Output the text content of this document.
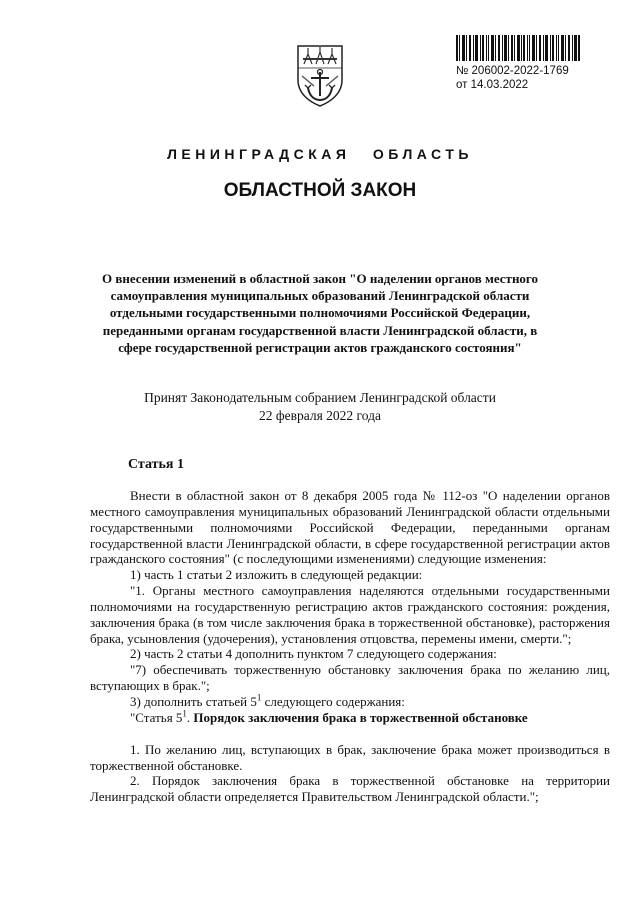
№ 206002-2022-1769
от 14.03.2022
ЛЕНИНГРАДСКАЯ ОБЛАСТЬ
ОБЛАСТНОЙ ЗАКОН
О внесении изменений в областной закон "О наделении органов местного самоуправления муниципальных образований Ленинградской области отдельными государственными полномочиями Российской Федерации, переданными органам государственной власти Ленинградской области, в сфере государственной регистрации актов гражданского состояния"
Принят Законодательным собранием Ленинградской области
22 февраля 2022 года
Статья 1

Внести в областной закон от 8 декабря 2005 года № 112-оз "О наделении органов местного самоуправления муниципальных образований Ленинградской области отдельными государственными полномочиями Российской Федерации, переданными органам государственной власти Ленинградской области, в сфере государственной регистрации актов гражданского состояния" (с последующими изменениями) следующие изменения:

1) часть 1 статьи 2 изложить в следующей редакции:

"1. Органы местного самоуправления наделяются отдельными государственными полномочиями на государственную регистрацию актов гражданского состояния: рождения, заключения брака (в том числе заключения брака в торжественной обстановке), расторжения брака, усыновления (удочерения), установления отцовства, перемены имени, смерти.";

2) часть 2 статьи 4 дополнить пунктом 7 следующего содержания:

"7) обеспечивать торжественную обстановку заключения брака по желанию лиц, вступающих в брак.";

3) дополнить статьей $5^1$ следующего содержания:

"Статья $5^1$. Порядок заключения брака в торжественной обстановке

1. По желанию лиц, вступающих в брак, заключение брака может производиться в торжественной обстановке.

2. Порядок заключения брака в торжественной обстановке на территории Ленинградской области определяется Правительством Ленинградской области.";
